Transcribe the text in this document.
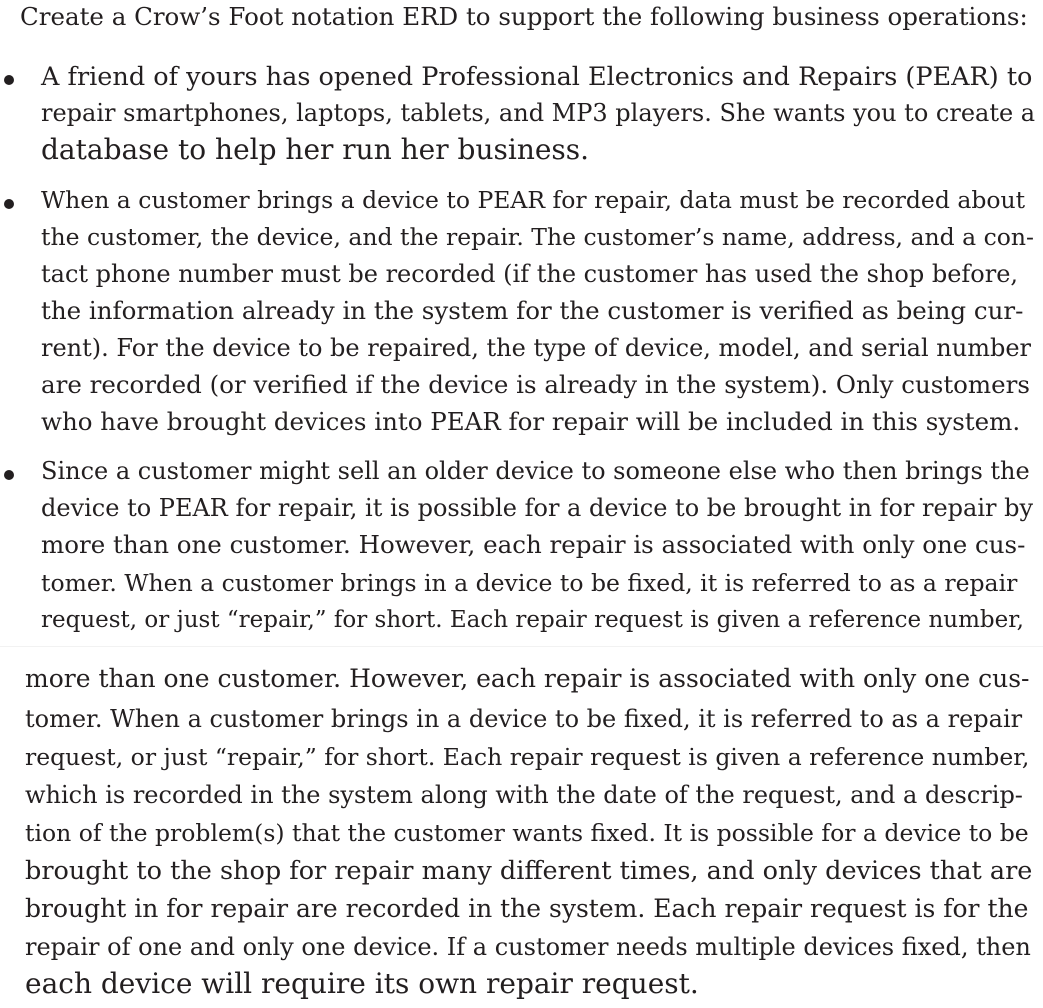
Create a Crow’s Foot notation ERD to support the following business operations:
A friend of yours has opened Professional Electronics and Repairs (PEAR) to
repair smartphones, laptops, tablets, and MP3 players. She wants you to create a
database to help her run her business.
When a customer brings a device to PEAR for repair, data must be recorded about
the customer, the device, and the repair. The customer’s name, address, and a con-
tact phone number must be recorded (if the customer has used the shop before,
the information already in the system for the customer is verified as being cur-
rent). For the device to be repaired, the type of device, model, and serial number
are recorded (or verified if the device is already in the system). Only customers
who have brought devices into PEAR for repair will be included in this system.
Since a customer might sell an older device to someone else who then brings the
device to PEAR for repair, it is possible for a device to be brought in for repair by
more than one customer. However, each repair is associated with only one cus-
tomer. When a customer brings in a device to be fixed, it is referred to as a repair
request, or just “repair,” for short. Each repair request is given a reference number,
more than one customer. However, each repair is associated with only one cus-
tomer. When a customer brings in a device to be fixed, it is referred to as a repair
request, or just “repair,” for short. Each repair request is given a reference number,
which is recorded in the system along with the date of the request, and a descrip-
tion of the problem(s) that the customer wants fixed. It is possible for a device to be
brought to the shop for repair many different times, and only devices that are
brought in for repair are recorded in the system. Each repair request is for the
repair of one and only one device. If a customer needs multiple devices fixed, then
each device will require its own repair request.
